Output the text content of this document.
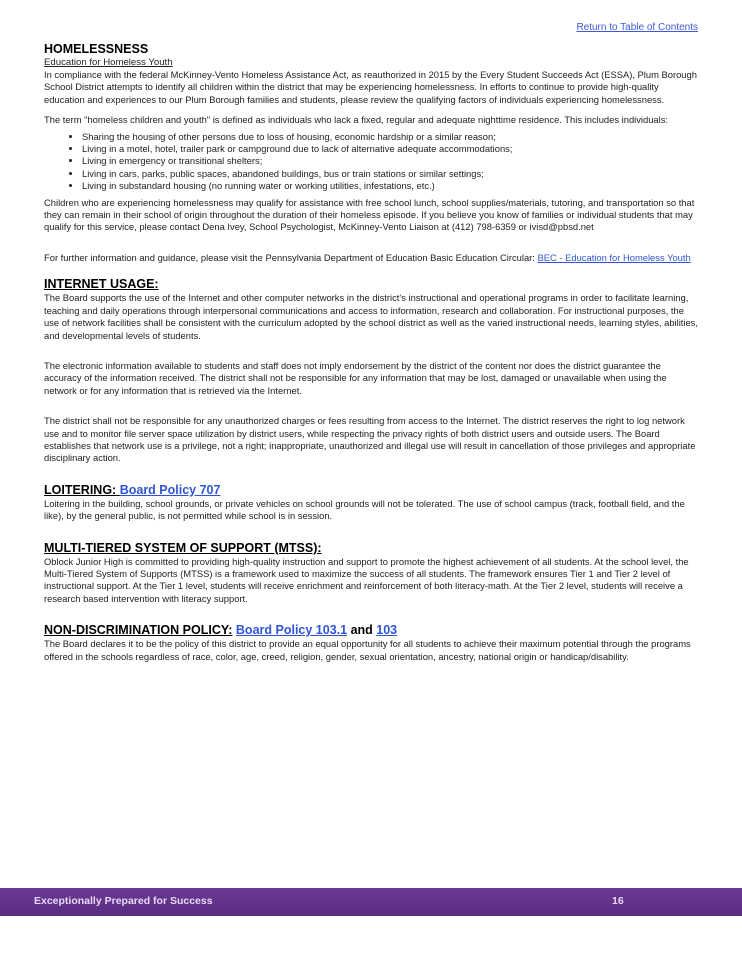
Return to Table of Contents
HOMELESSNESS
Education for Homeless Youth

In compliance with the federal McKinney-Vento Homeless Assistance Act, as reauthorized in 2015 by the Every Student Succeeds Act (ESSA), Plum Borough School District attempts to identify all children within the district that may be experiencing homelessness. In efforts to continue to provide high-quality education and experiences to our Plum Borough families and students, please review the qualifying factors of individuals experiencing homelessness.

The term "homeless children and youth" is defined as individuals who lack a fixed, regular and adequate nighttime residence. This includes individuals:

• Sharing the housing of other persons due to loss of housing, economic hardship or a similar reason;
• Living in a motel, hotel, trailer park or campground due to lack of alternative adequate accommodations;
• Living in emergency or transitional shelters;
• Living in cars, parks, public spaces, abandoned buildings, bus or train stations or similar settings;
• Living in substandard housing (no running water or working utilities, infestations, etc.)

Children who are experiencing homelessness may qualify for assistance with free school lunch, school supplies/materials, tutoring, and transportation so that they can remain in their school of origin throughout the duration of their homeless episode. If you believe you know of families or individual students that may qualify for this service, please contact Dena Ivey, School Psychologist, McKinney-Vento Liaison at (412) 798-6359 or ivisd@pbsd.net

For further information and guidance, please visit the Pennsylvania Department of Education Basic Education Circular: BEC - Education for Homeless Youth

INTERNET USAGE:

The Board supports the use of the Internet and other computer networks in the district's instructional and operational programs in order to facilitate learning, teaching and daily operations through interpersonal communications and access to information, research and collaboration. For instructional purposes, the use of network facilities shall be consistent with the curriculum adopted by the school district as well as the varied instructional needs, learning styles, abilities, and developmental levels of students.

The electronic information available to students and staff does not imply endorsement by the district of the content nor does the district guarantee the accuracy of the information received. The district shall not be responsible for any information that may be lost, damaged or unavailable when using the network or for any information that is retrieved via the Internet.

The district shall not be responsible for any unauthorized charges or fees resulting from access to the Internet. The district reserves the right to log network use and to monitor file server space utilization by district users, while respecting the privacy rights of both district users and outside users. The Board establishes that network use is a privilege, not a right; inappropriate, unauthorized and illegal use will result in cancellation of those privileges and appropriate disciplinary action.

LOITERING: Board Policy 707

Loitering in the building, school grounds, or private vehicles on school grounds will not be tolerated. The use of school campus (track, football field, and the like), by the general public, is not permitted while school is in session.

MULTI-TIERED SYSTEM OF SUPPORT (MTSS):

Oblock Junior High is committed to providing high-quality instruction and support to promote the highest achievement of all students. At the school level, the Multi-Tiered System of Supports (MTSS) is a framework used to maximize the success of all students. The framework ensures Tier 1 and Tier 2 level of instructional support. At the Tier 1 level, students will receive enrichment and reinforcement of both literacy-math. At the Tier 2 level, students will receive a research based intervention with literacy support.

NON-DISCRIMINATION POLICY: Board Policy 103.1 and 103

The Board declares it to be the policy of this district to provide an equal opportunity for all students to achieve their maximum potential through the programs offered in the schools regardless of race, color, age, creed, religion, gender, sexual orientation, ancestry, national origin or handicap/disability.

Exceptionally Prepared for Success	16
